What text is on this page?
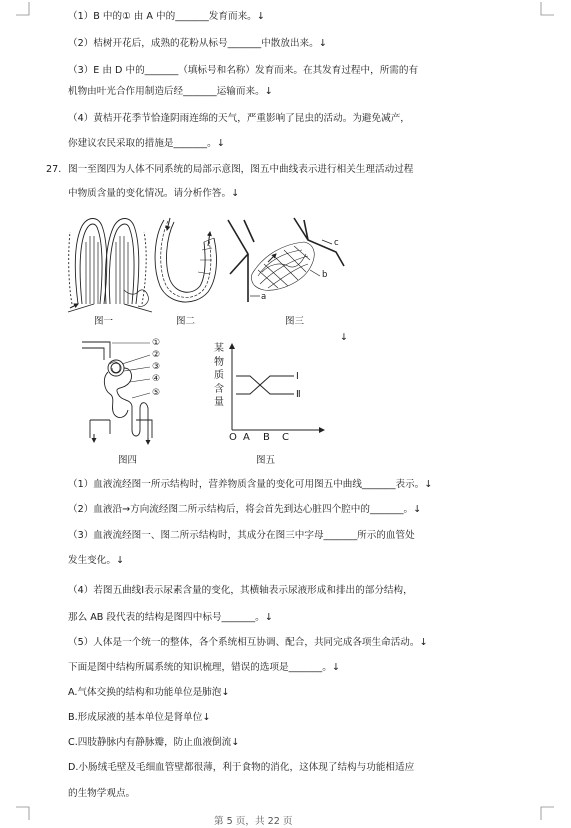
（1）B 中的① 由 A 中的_______发育而来。↓
（2）桔树开花后，成熟的花粉从标号_______中散放出来。↓
（3）E 由 D 中的_______（填标号和名称）发育而来。在其发育过程中，所需的有
机物由叶光合作用制造后经_______运输而来。↓
（4）黄桔开花季节恰逢阴雨连绵的天气，严重影响了昆虫的活动。为避免减产，
你建议农民采取的措施是_______。↓
27. 图一至图四为人体不同系统的局部示意图，图五中曲线表示进行相关生理活动过程
中物质含量的变化情况。请分析作答。↓
图一	图二
a
b
c
图三
↓
①
②
③
④
⑤
图四
某物质含量
Ⅰ
Ⅱ
O A B C
图五
（1）血液流经图一所示结构时，营养物质含量的变化可用图五中曲线_______表示。↓
（2）血液沿→方向流经图二所示结构后，将会首先到达心脏四个腔中的_______。↓
（3）血液流经图一、图二所示结构时，其成分在图三中字母_______所示的血管处
发生变化。↓
（4）若图五曲线Ⅰ表示尿素含量的变化，其横轴表示尿液形成和排出的部分结构，
那么 AB 段代表的结构是图四中标号_______。↓
（5）人体是一个统一的整体，各个系统相互协调、配合，共同完成各项生命活动。↓
下面是图中结构所属系统的知识梳理，错误的选项是_______。↓
A.气体交换的结构和功能单位是肺泡↓
B.形成尿液的基本单位是肾单位↓
C.四肢静脉内有静脉瓣，防止血液倒流↓
D.小肠绒毛壁及毛细血管壁都很薄，利于食物的消化，这体现了结构与功能相适应
的生物学观点。
第 5 页，共 22 页
